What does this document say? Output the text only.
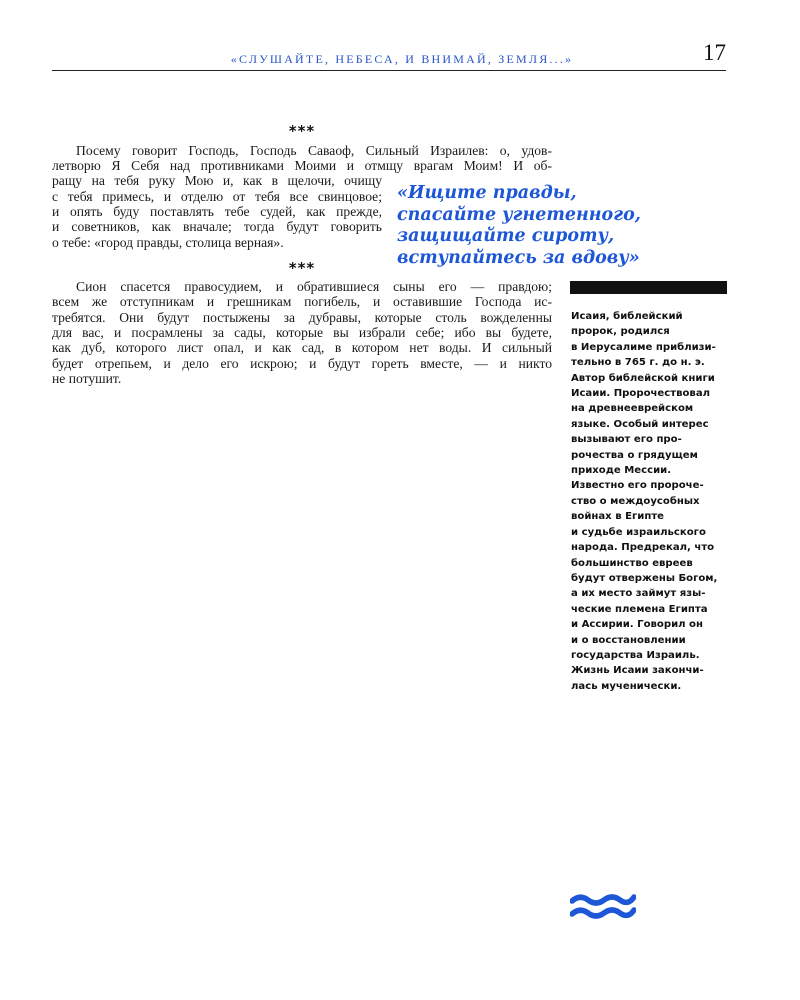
«СЛУШАЙТЕ, НЕБЕСА, И ВНИМАЙ, ЗЕМЛЯ...»	17
***
Посему говорит Господь, Господь Саваоф, Сильный Израилев: о, удов-
летворю Я Себя над противниками Моими и отмщу врагам Моим! И об-
ращу на тебя руку Мою и, как в щелочи, очищу
с тебя примесь, и отделю от тебя все свинцовое;
и опять буду поставлять тебе судей, как прежде,
и советников, как вначале; тогда будут говорить
о тебе: «город правды, столица верная».
«Ищите правды,
спасайте угнетенного,
защищайте сироту,
вступайтесь за вдову»
***
Сион спасется правосудием, и обратившиеся сыны его — правдою;
всем же отступникам и грешникам погибель, и оставившие Господа ис-
требятся. Они будут постыжены за дубравы, которые столь вожделенны
для вас, и посрамлены за сады, которые вы избрали себе; ибо вы будете,
как дуб, которого лист опал, и как сад, в котором нет воды. И сильный
будет отрепьем, и дело его искрою; и будут гореть вместе, — и никто
не потушит.
Исаия, библейский
пророк, родился
в Иерусалиме приблизи-
тельно в 765 г. до н. э.
Автор библейской книги
Исаии. Пророчествовал
на древнееврейском
языке. Особый интерес
вызывают его про-
рочества о грядущем
приходе Мессии.
Известно его пророче-
ство о междоусобных
войнах в Египте
и судьбе израильского
народа. Предрекал, что
большинство евреев
будут отвержены Богом,
а их место займут язы-
ческие племена Египта
и Ассирии. Говорил он
и о восстановлении
государства Израиль.
Жизнь Исаии закончи-
лась мученически.
